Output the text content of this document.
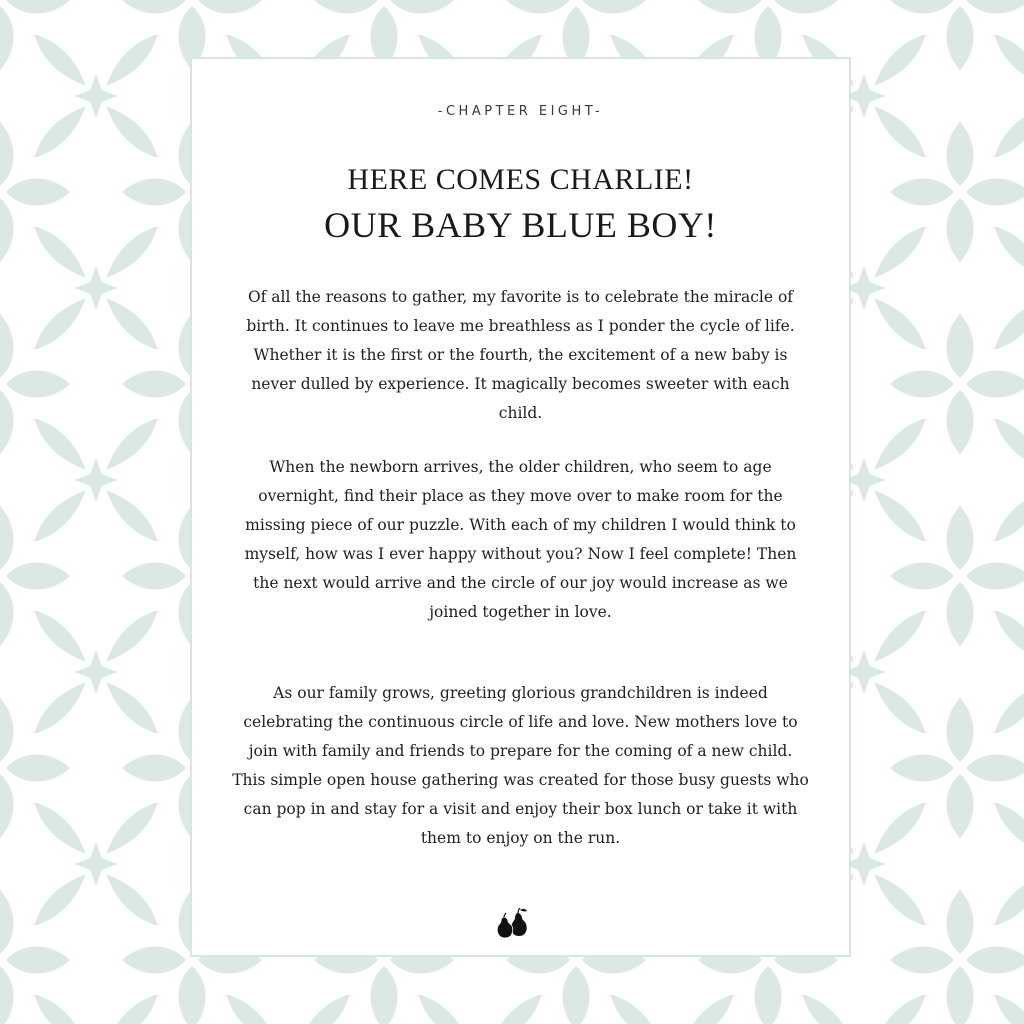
-CHAPTER EIGHT-
HERE COMES CHARLIE!
OUR BABY BLUE BOY!
Of all the reasons to gather, my favorite is to celebrate the miracle of birth. It continues to leave me breathless as I ponder the cycle of life. Whether it is the first or the fourth, the excitement of a new baby is never dulled by experience. It magically becomes sweeter with each child.
When the newborn arrives, the older children, who seem to age overnight, find their place as they move over to make room for the missing piece of our puzzle. With each of my children I would think to myself, how was I ever happy without you? Now I feel complete! Then the next would arrive and the circle of our joy would increase as we joined together in love.
As our family grows, greeting glorious grandchildren is indeed celebrating the continuous circle of life and love. New mothers love to join with family and friends to prepare for the coming of a new child. This simple open house gathering was created for those busy guests who can pop in and stay for a visit and enjoy their box lunch or take it with them to enjoy on the run.
